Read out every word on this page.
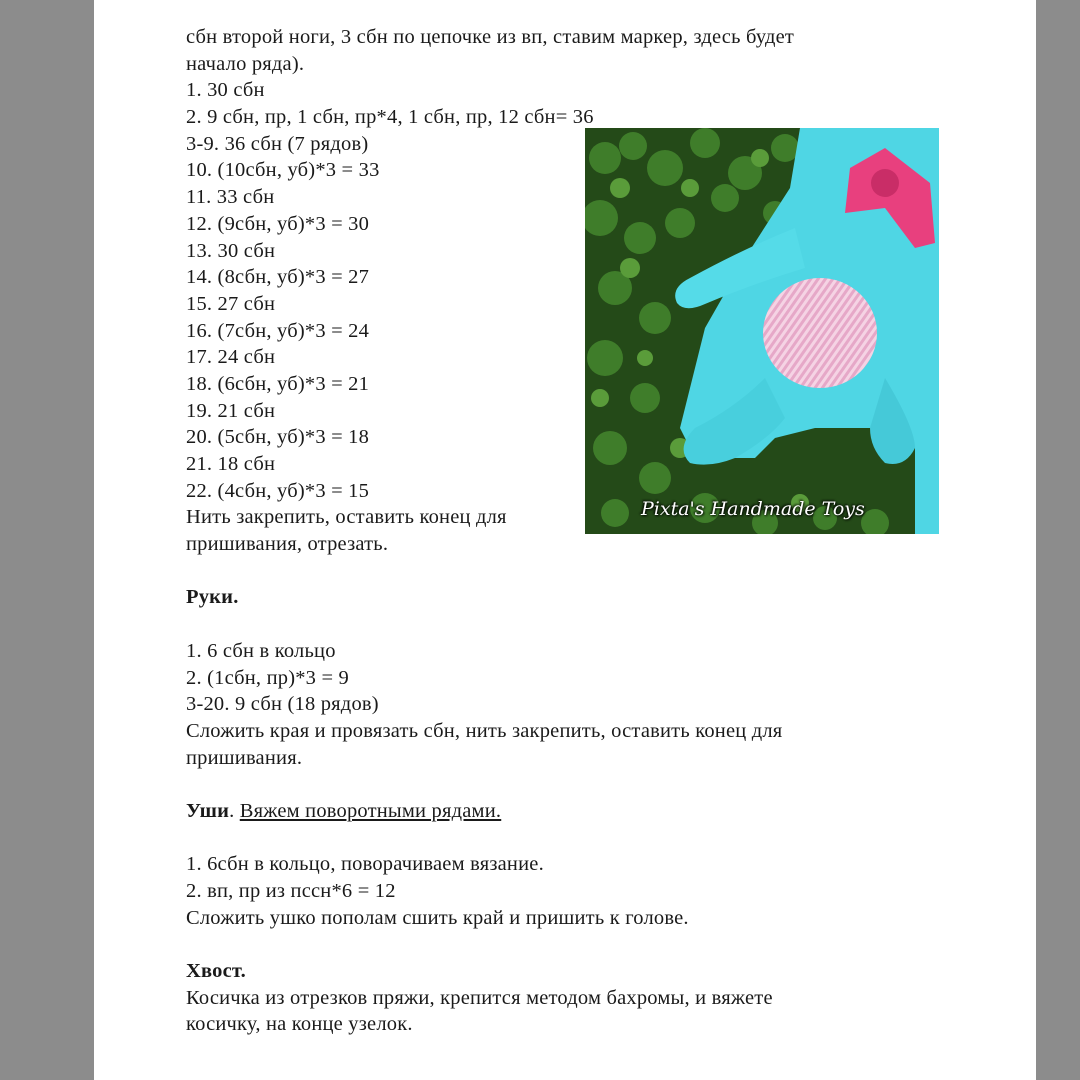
сбн второй ноги, 3 сбн по цепочке из вп, ставим маркер, здесь будет
начало ряда).
1. 30 сбн
2. 9 сбн, пр, 1 сбн, пр*4, 1 сбн, пр, 12 сбн= 36
3-9. 36 сбн (7 рядов)
10. (10сбн, уб)*3 = 33
11. 33 сбн
12. (9сбн, уб)*3 = 30
13. 30 сбн
14. (8сбн, уб)*3 = 27
15. 27 сбн
16. (7сбн, уб)*3 = 24
17. 24 сбн
18. (6сбн, уб)*3 = 21
19. 21 сбн
20. (5сбн, уб)*3 = 18
21. 18 сбн
22. (4сбн, уб)*3 = 15
Нить закрепить, оставить конец для
пришивания, отрезать.
Руки.
1. 6 сбн в кольцо
2. (1сбн, пр)*3 = 9
3-20. 9 сбн (18 рядов)
Сложить края и провязать сбн, нить закрепить, оставить конец для
пришивания.
Уши. Вяжем поворотными рядами.
1. 6сбн в кольцо, поворачиваем вязание.
2. вп, пр из пссн*6 = 12
Сложить ушко пополам сшить край и пришить к голове.
Хвост.
Косичка из отрезков пряжи, крепится методом бахромы, и вяжете
косичку, на конце узелок.
Pixta's Handmade Toys
